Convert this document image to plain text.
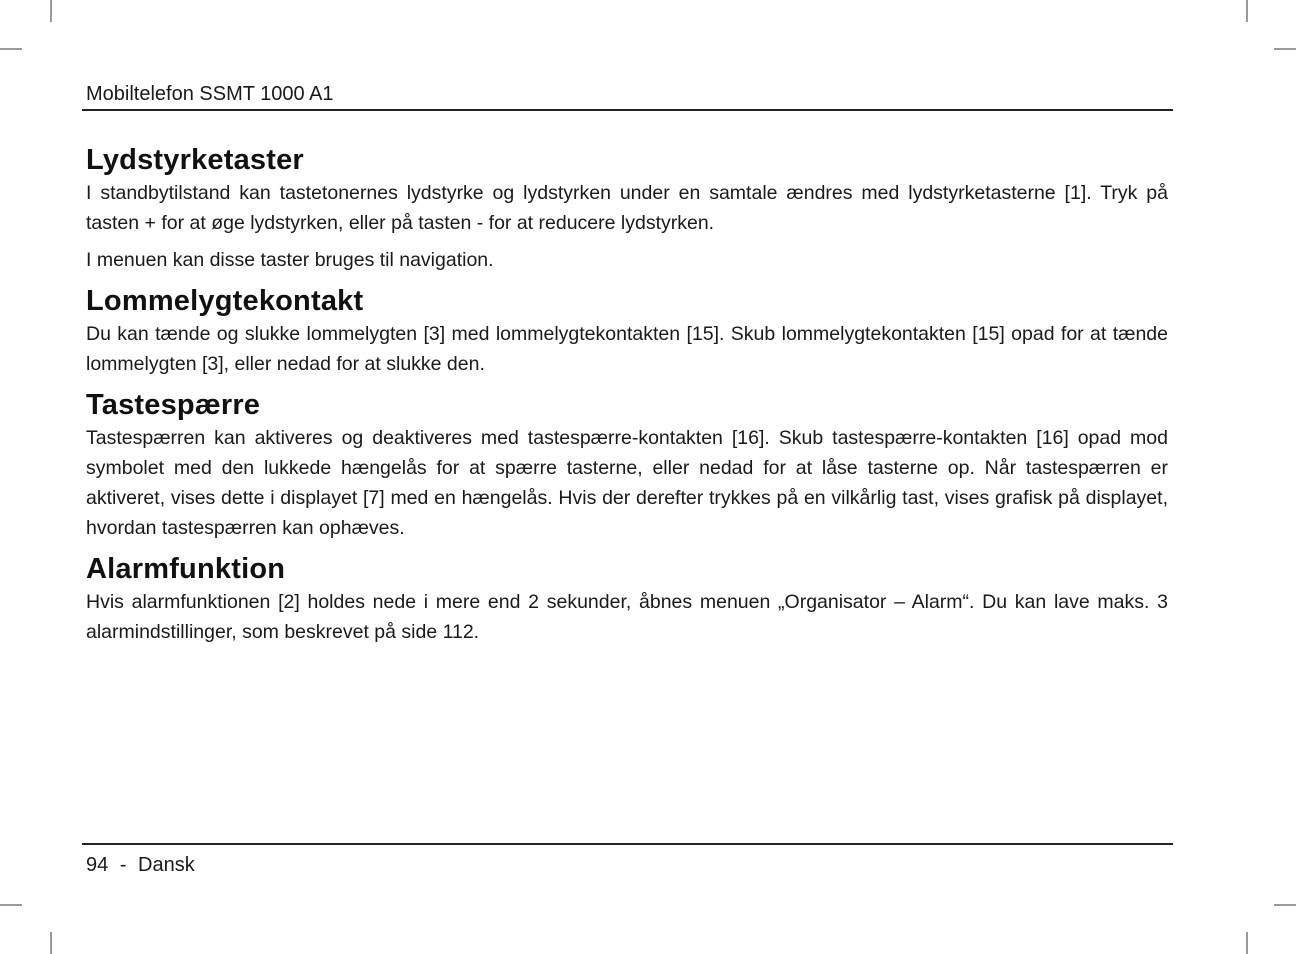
Mobiltelefon SSMT 1000 A1
Lydstyrketaster

I standbytilstand kan tastetonernes lydstyrke og lydstyrken under en samtale ændres med lydstyrketasterne [1]. Tryk på tasten + for at øge lydstyrken, eller på tasten - for at reducere lydstyrken.

I menuen kan disse taster bruges til navigation.

Lommelygtekontakt

Du kan tænde og slukke lommelygten [3] med lommelygtekontakten [15]. Skub lommelygtekontakten [15] opad for at tænde lommelygten [3], eller nedad for at slukke den.

Tastespærre

Tastespærren kan aktiveres og deaktiveres med tastespærre-kontakten [16]. Skub tastespærre-kontakten [16] opad mod symbolet med den lukkede hængelås for at spærre tasterne, eller nedad for at låse tasterne op. Når tastespærren er aktiveret, vises dette i displayet [7] med en hængelås. Hvis der derefter trykkes på en vilkårlig tast, vises grafisk på displayet, hvordan tastespærren kan ophæves.

Alarmfunktion

Hvis alarmfunktionen [2] holdes nede i mere end 2 sekunder, åbnes menuen „Organisator – Alarm“. Du kan lave maks. 3 alarmindstillinger, som beskrevet på side 112.

94 - Dansk
